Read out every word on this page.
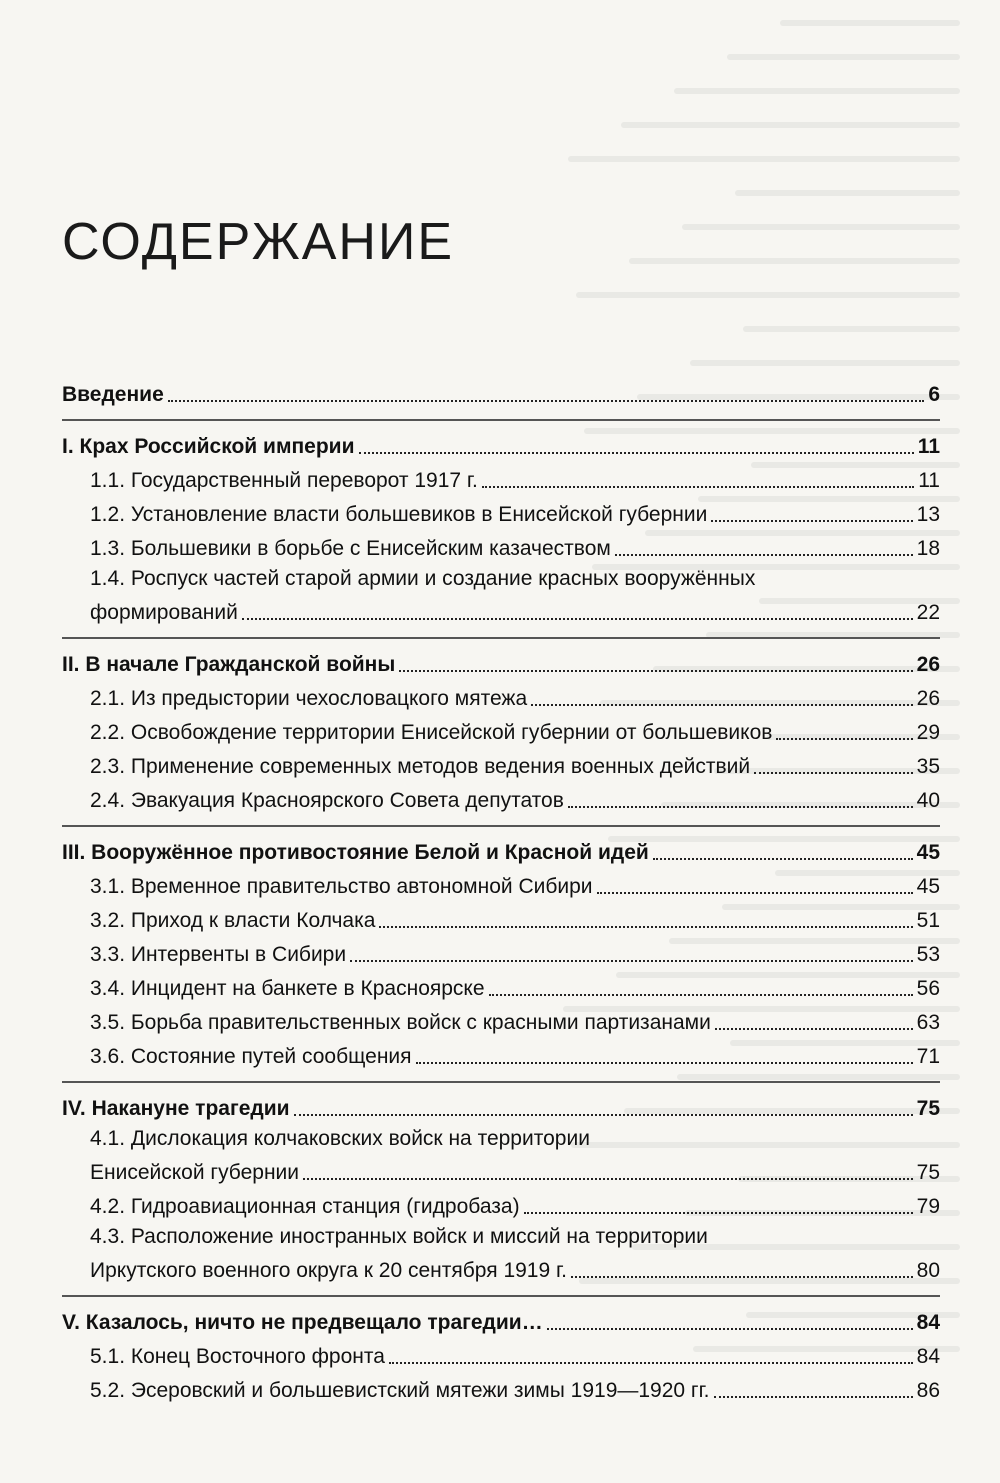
СОДЕРЖАНИЕ
Введение	6
I. Крах Российской империи	11
1.1. Государственный переворот 1917 г.	11
1.2. Установление власти большевиков в Енисейской губернии	13
1.3. Большевики в борьбе с Енисейским казачеством	18
1.4. Роспуск частей старой армии и создание красных вооружённых
формирований	22
II. В начале Гражданской войны	26
2.1. Из предыстории чехословацкого мятежа	26
2.2. Освобождение территории Енисейской губернии от большевиков	29
2.3. Применение современных методов ведения военных действий	35
2.4. Эвакуация Красноярского Совета депутатов	40
III. Вооружённое противостояние Белой и Красной идей	45
3.1. Временное правительство автономной Сибири	45
3.2. Приход к власти Колчака	51
3.3. Интервенты в Сибири	53
3.4. Инцидент на банкете в Красноярске	56
3.5. Борьба правительственных войск с красными партизанами	63
3.6. Состояние путей сообщения	71
IV. Накануне трагедии	75
4.1. Дислокация колчаковских войск на территории
Енисейской губернии	75
4.2. Гидроавиационная станция (гидробаза)	79
4.3. Расположение иностранных войск и миссий на территории
Иркутского военного округа к 20 сентября 1919 г.	80
V. Казалось, ничто не предвещало трагедии…	84
5.1. Конец Восточного фронта	84
5.2. Эсеровский и большевистский мятежи зимы 1919—1920 гг.	86
